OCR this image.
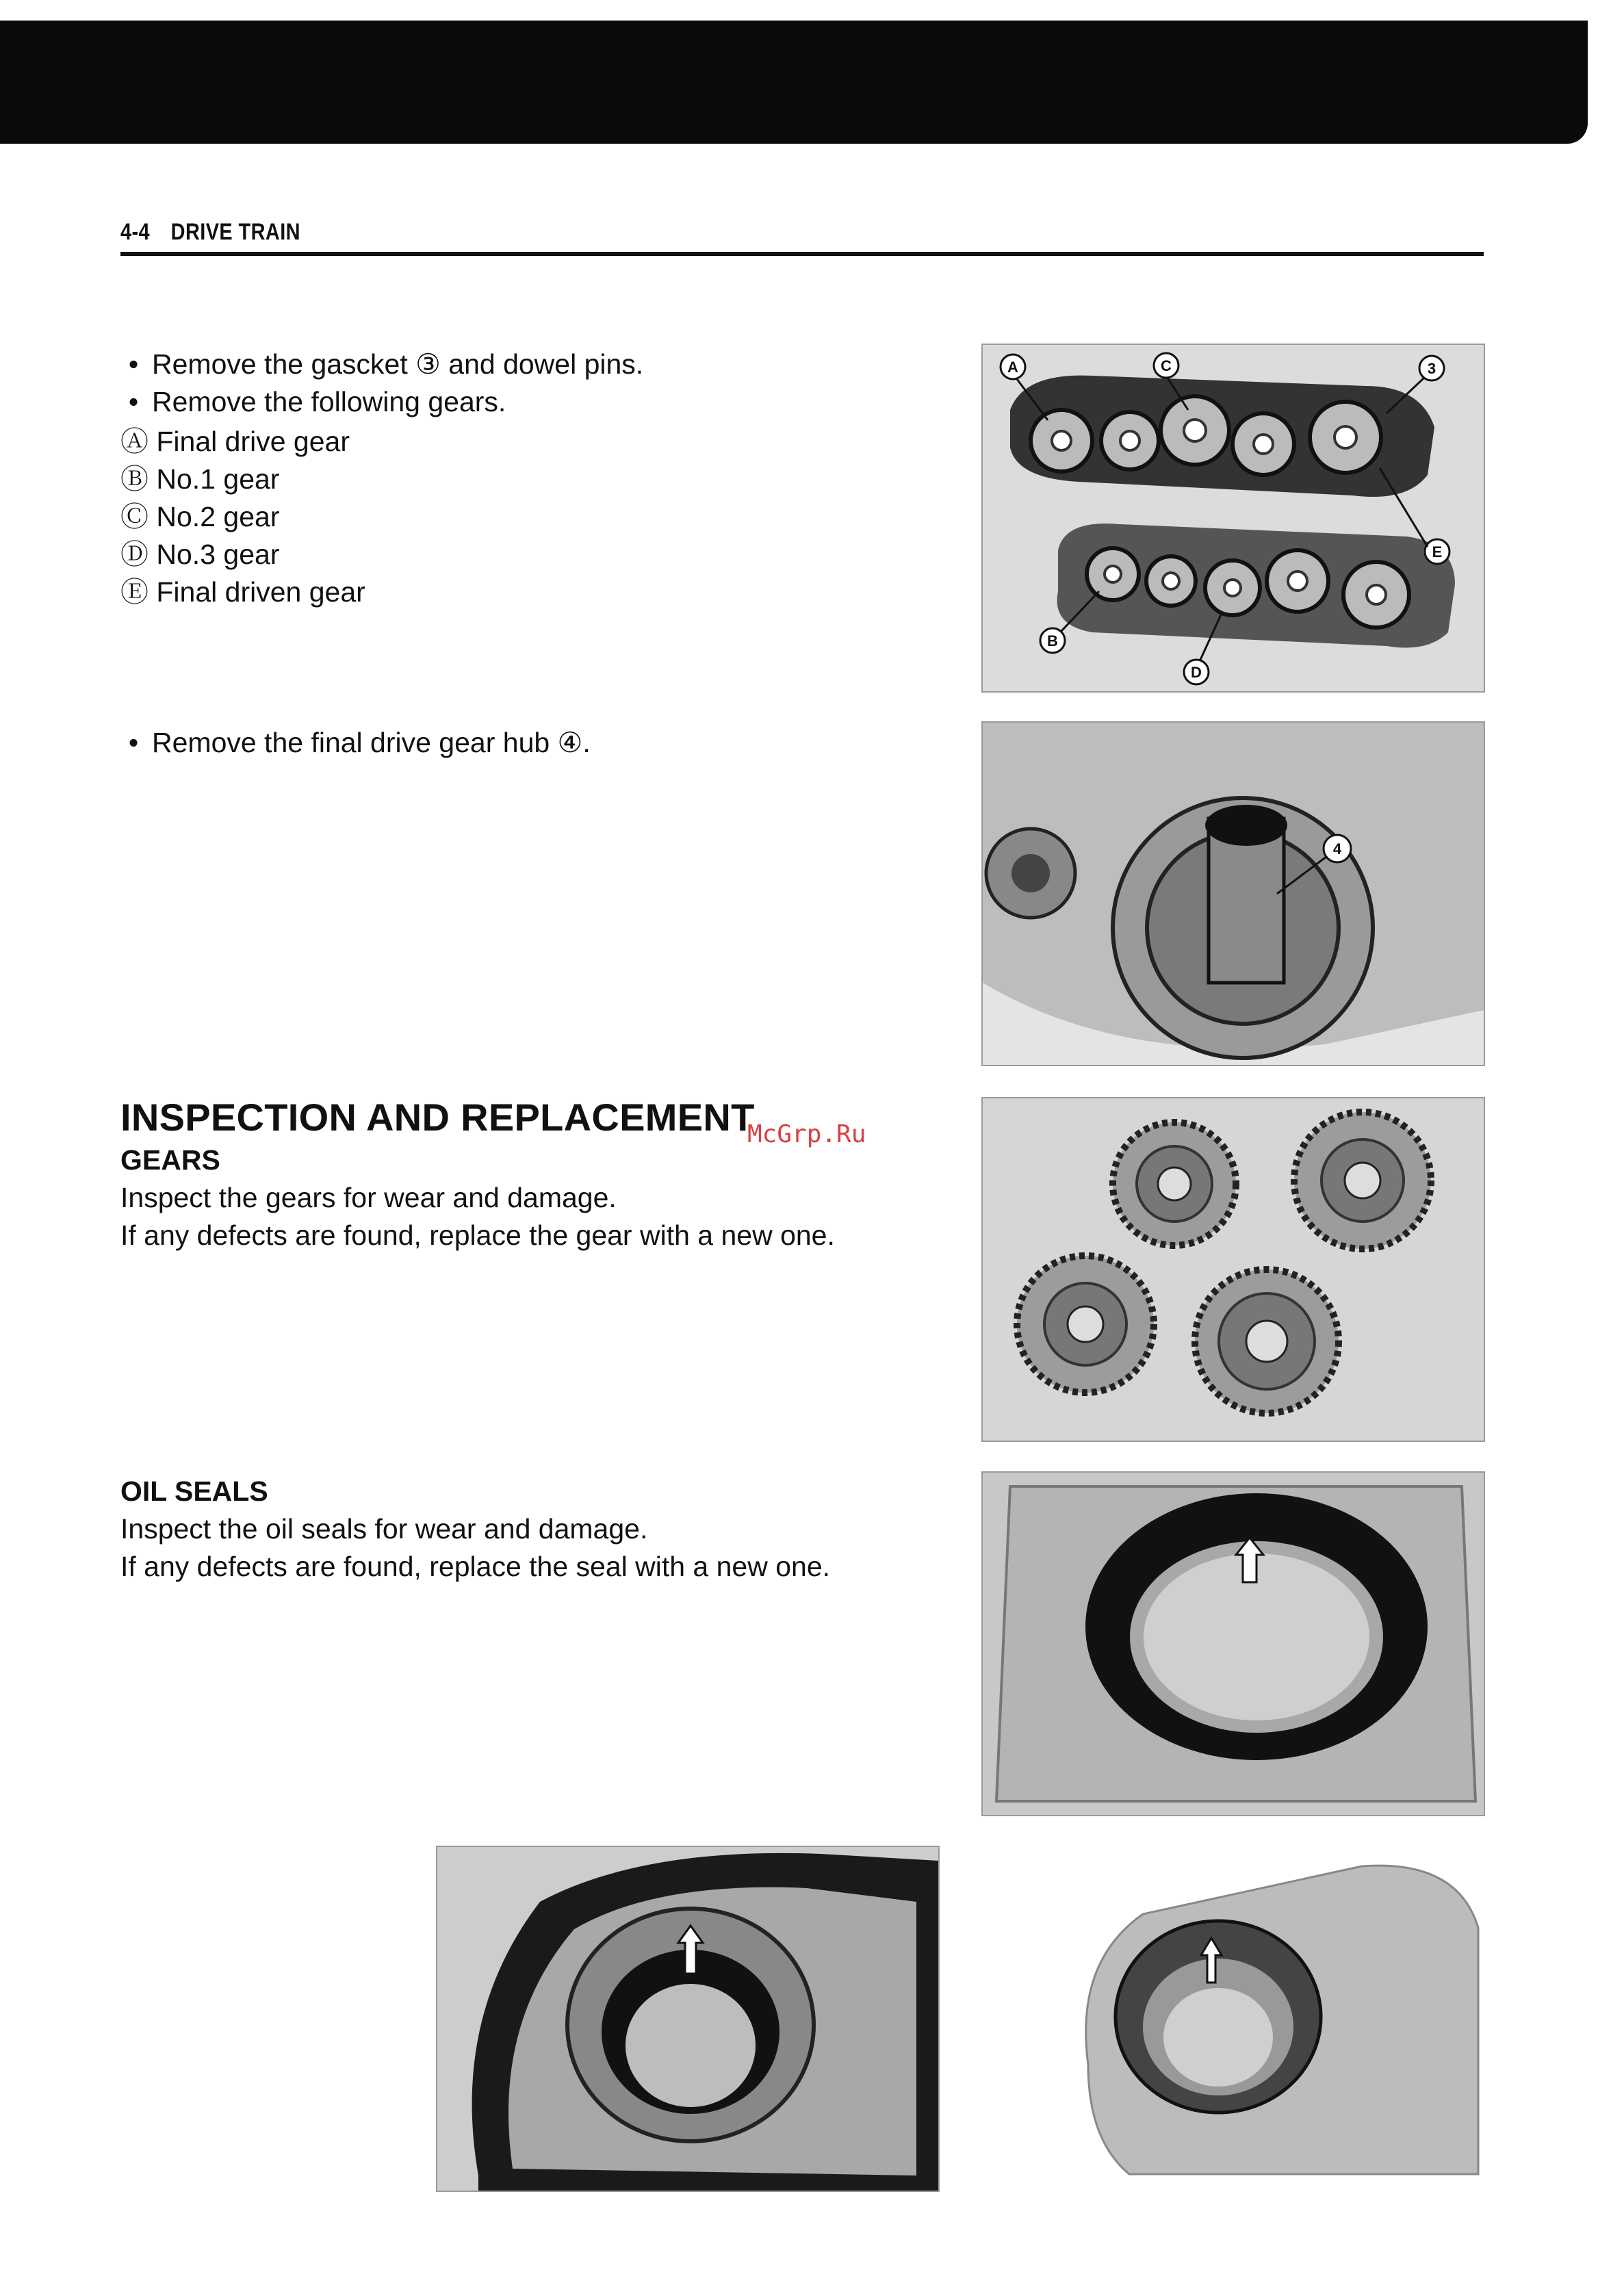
4-4 DRIVE TRAIN
• Remove the gascket ③ and dowel pins.
• Remove the following gears.
Ⓐ Final drive gear
Ⓑ No.1 gear
Ⓒ No.2 gear
Ⓓ No.3 gear
Ⓔ Final driven gear
• Remove the final drive gear hub ④.
INSPECTION AND REPLACEMENT
McGrp.Ru
GEARS
Inspect the gears for wear and damage.
If any defects are found, replace the gear with a new one.
OIL SEALS
Inspect the oil seals for wear and damage.
If any defects are found, replace the seal with a new one.
A	C	3
E
B
D
4
